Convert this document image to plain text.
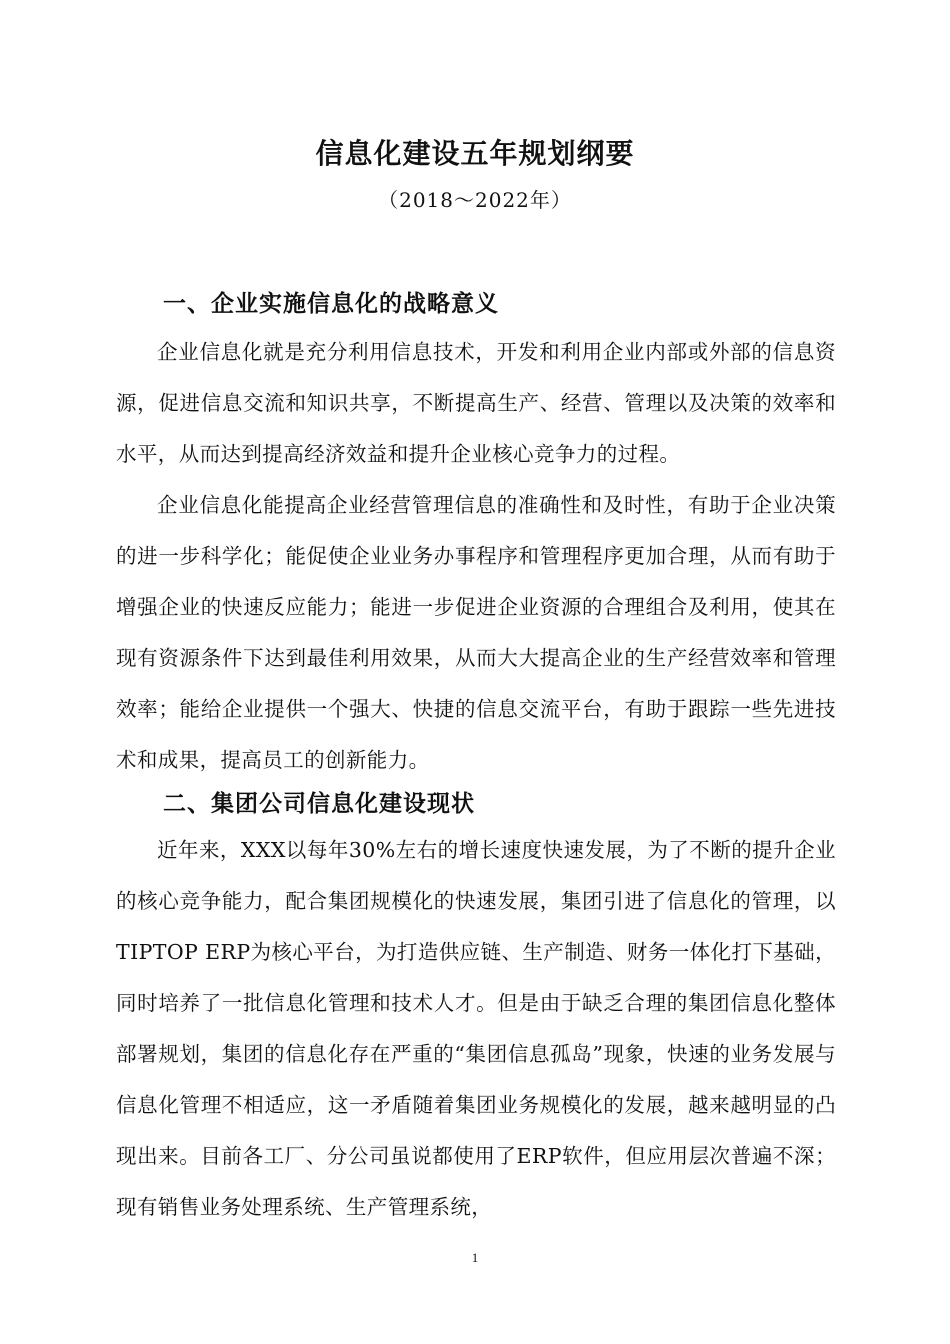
信息化建设五年规划纲要
（2018～2022年）
一、企业实施信息化的战略意义

企业信息化就是充分利用信息技术，开发和利用企业内部或外部的信息资源，促进信息交流和知识共享，不断提高生产、经营、管理以及决策的效率和水平，从而达到提高经济效益和提升企业核心竞争力的过程。

企业信息化能提高企业经营管理信息的准确性和及时性，有助于企业决策的进一步科学化；能促使企业业务办事程序和管理程序更加合理，从而有助于增强企业的快速反应能力；能进一步促进企业资源的合理组合及利用，使其在现有资源条件下达到最佳利用效果，从而大大提高企业的生产经营效率和管理效率；能给企业提供一个强大、快捷的信息交流平台，有助于跟踪一些先进技术和成果，提高员工的创新能力。

二、集团公司信息化建设现状

近年来，XXX以每年30%左右的增长速度快速发展，为了不断的提升企业的核心竞争能力，配合集团规模化的快速发展，集团引进了信息化的管理，以TIPTOP ERP为核心平台，为打造供应链、生产制造、财务一体化打下基础，同时培养了一批信息化管理和技术人才。但是由于缺乏合理的集团信息化整体部署规划，集团的信息化存在严重的“集团信息孤岛”现象，快速的业务发展与信息化管理不相适应，这一矛盾随着集团业务规模化的发展，越来越明显的凸现出来。目前各工厂、分公司虽说都使用了ERP软件，但应用层次普遍不深；现有销售业务处理系统、生产管理系统，

1
